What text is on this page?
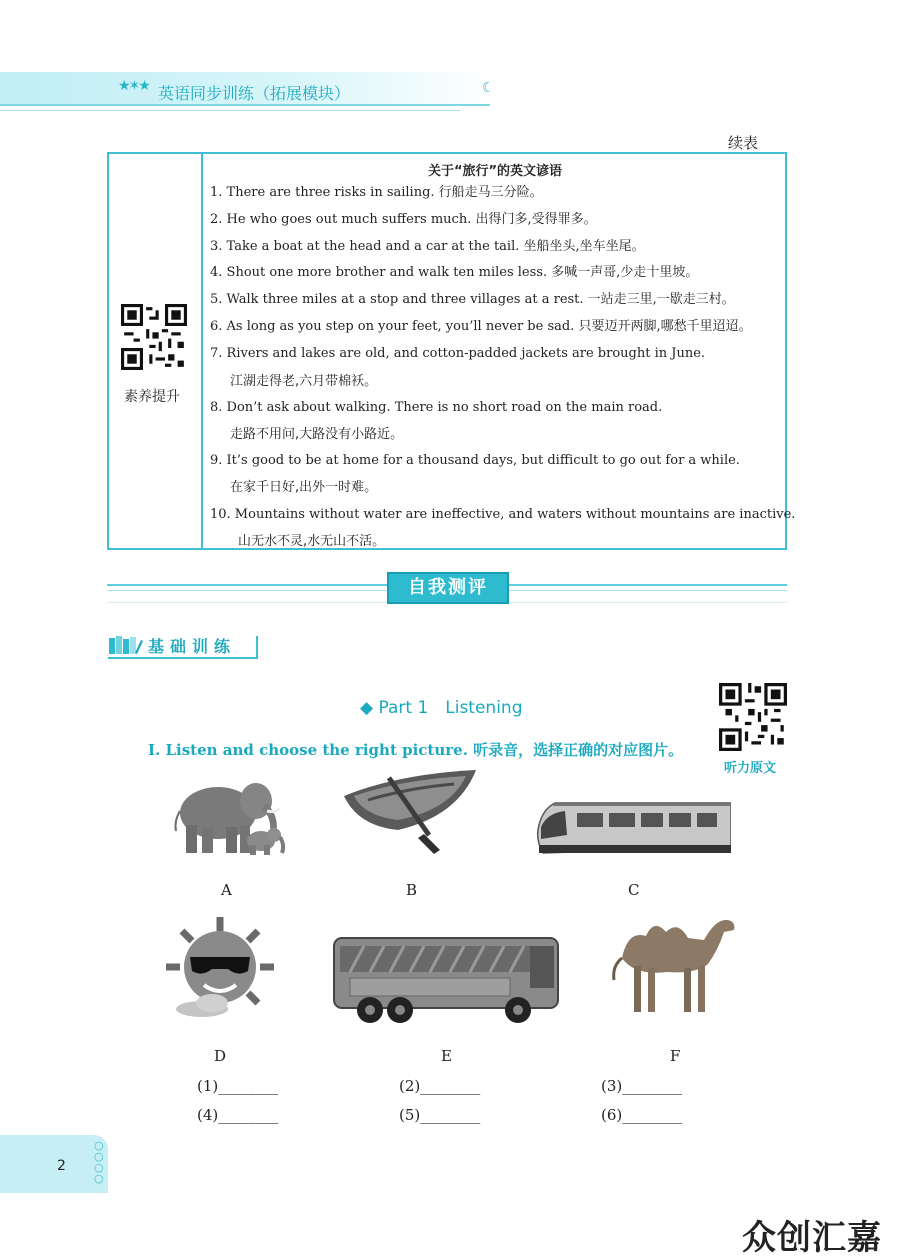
★✶★ 英语同步训练（拓展模块）	☾
续表
素养提升
关于“旅行”的英文谚语
1. There are three risks in sailing. 行船走马三分险。
2. He who goes out much suffers much. 出得门多,受得罪多。
3. Take a boat at the head and a car at the tail. 坐船坐头,坐车坐尾。
4. Shout one more brother and walk ten miles less. 多喊一声哥,少走十里坡。
5. Walk three miles at a stop and three villages at a rest. 一站走三里,一歇走三村。
6. As long as you step on your feet, you’ll never be sad. 只要迈开两脚,哪愁千里迢迢。
7. Rivers and lakes are old, and cotton-padded jackets are brought in June.
江湖走得老,六月带棉袄。
8. Don’t ask about walking. There is no short road on the main road.
走路不用问,大路没有小路近。
9. It’s good to be at home for a thousand days, but difficult to go out for a while.
在家千日好,出外一时难。
10. Mountains without water are ineffective, and waters without mountains are inactive.
山无水不灵,水无山不活。
自我测评
基础训练
◆ Part 1　Listening
听力原文
Ⅰ. Listen and choose the right picture. 听录音，选择正确的对应图片。
A	B	C
D	E	F
(1)________	(2)________	(3)________
(4)________	(5)________	(6)________
2
○
○
○
○
众创汇嘉
